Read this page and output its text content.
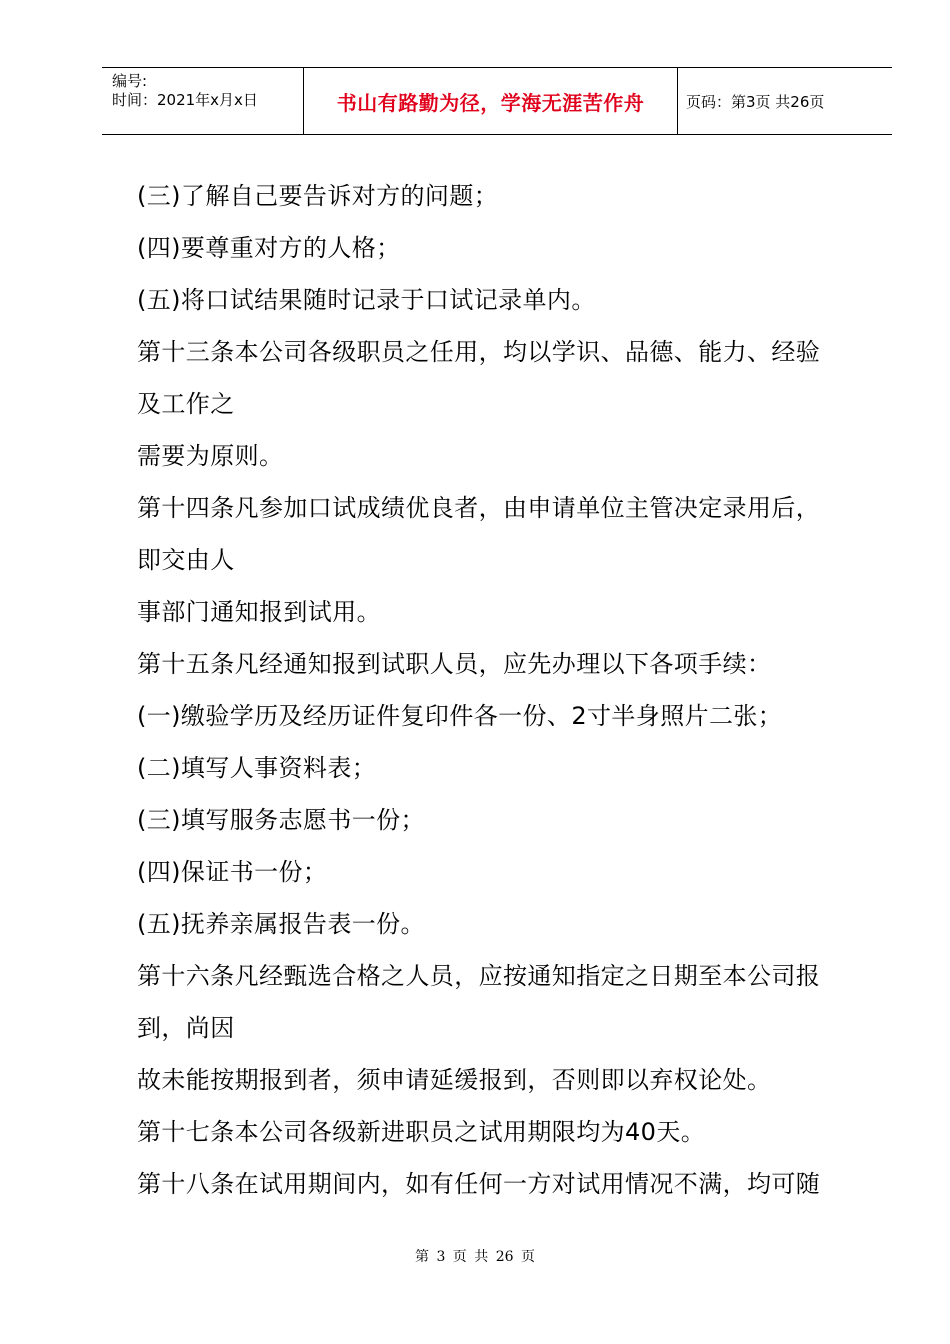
编号:
时间：2021年x月x日	书山有路勤为径，学海无涯苦作舟	页码：第3页 共26页
(三)了解自己要告诉对方的问题；
(四)要尊重对方的人格；
(五)将口试结果随时记录于口试记录单内。
第十三条本公司各级职员之任用，均以学识、品德、能力、经验
及工作之
需要为原则。
第十四条凡参加口试成绩优良者，由申请单位主管决定录用后，
即交由人
事部门通知报到试用。
第十五条凡经通知报到试职人员，应先办理以下各项手续：
(一)缴验学历及经历证件复印件各一份、2寸半身照片二张；
(二)填写人事资料表；
(三)填写服务志愿书一份；
(四)保证书一份；
(五)抚养亲属报告表一份。
第十六条凡经甄选合格之人员，应按通知指定之日期至本公司报
到，尚因
故未能按期报到者，须申请延缓报到，否则即以弃权论处。
第十七条本公司各级新进职员之试用期限均为40天。
第十八条在试用期间内，如有任何一方对试用情况不满，均可随
第 3 页 共 26 页
